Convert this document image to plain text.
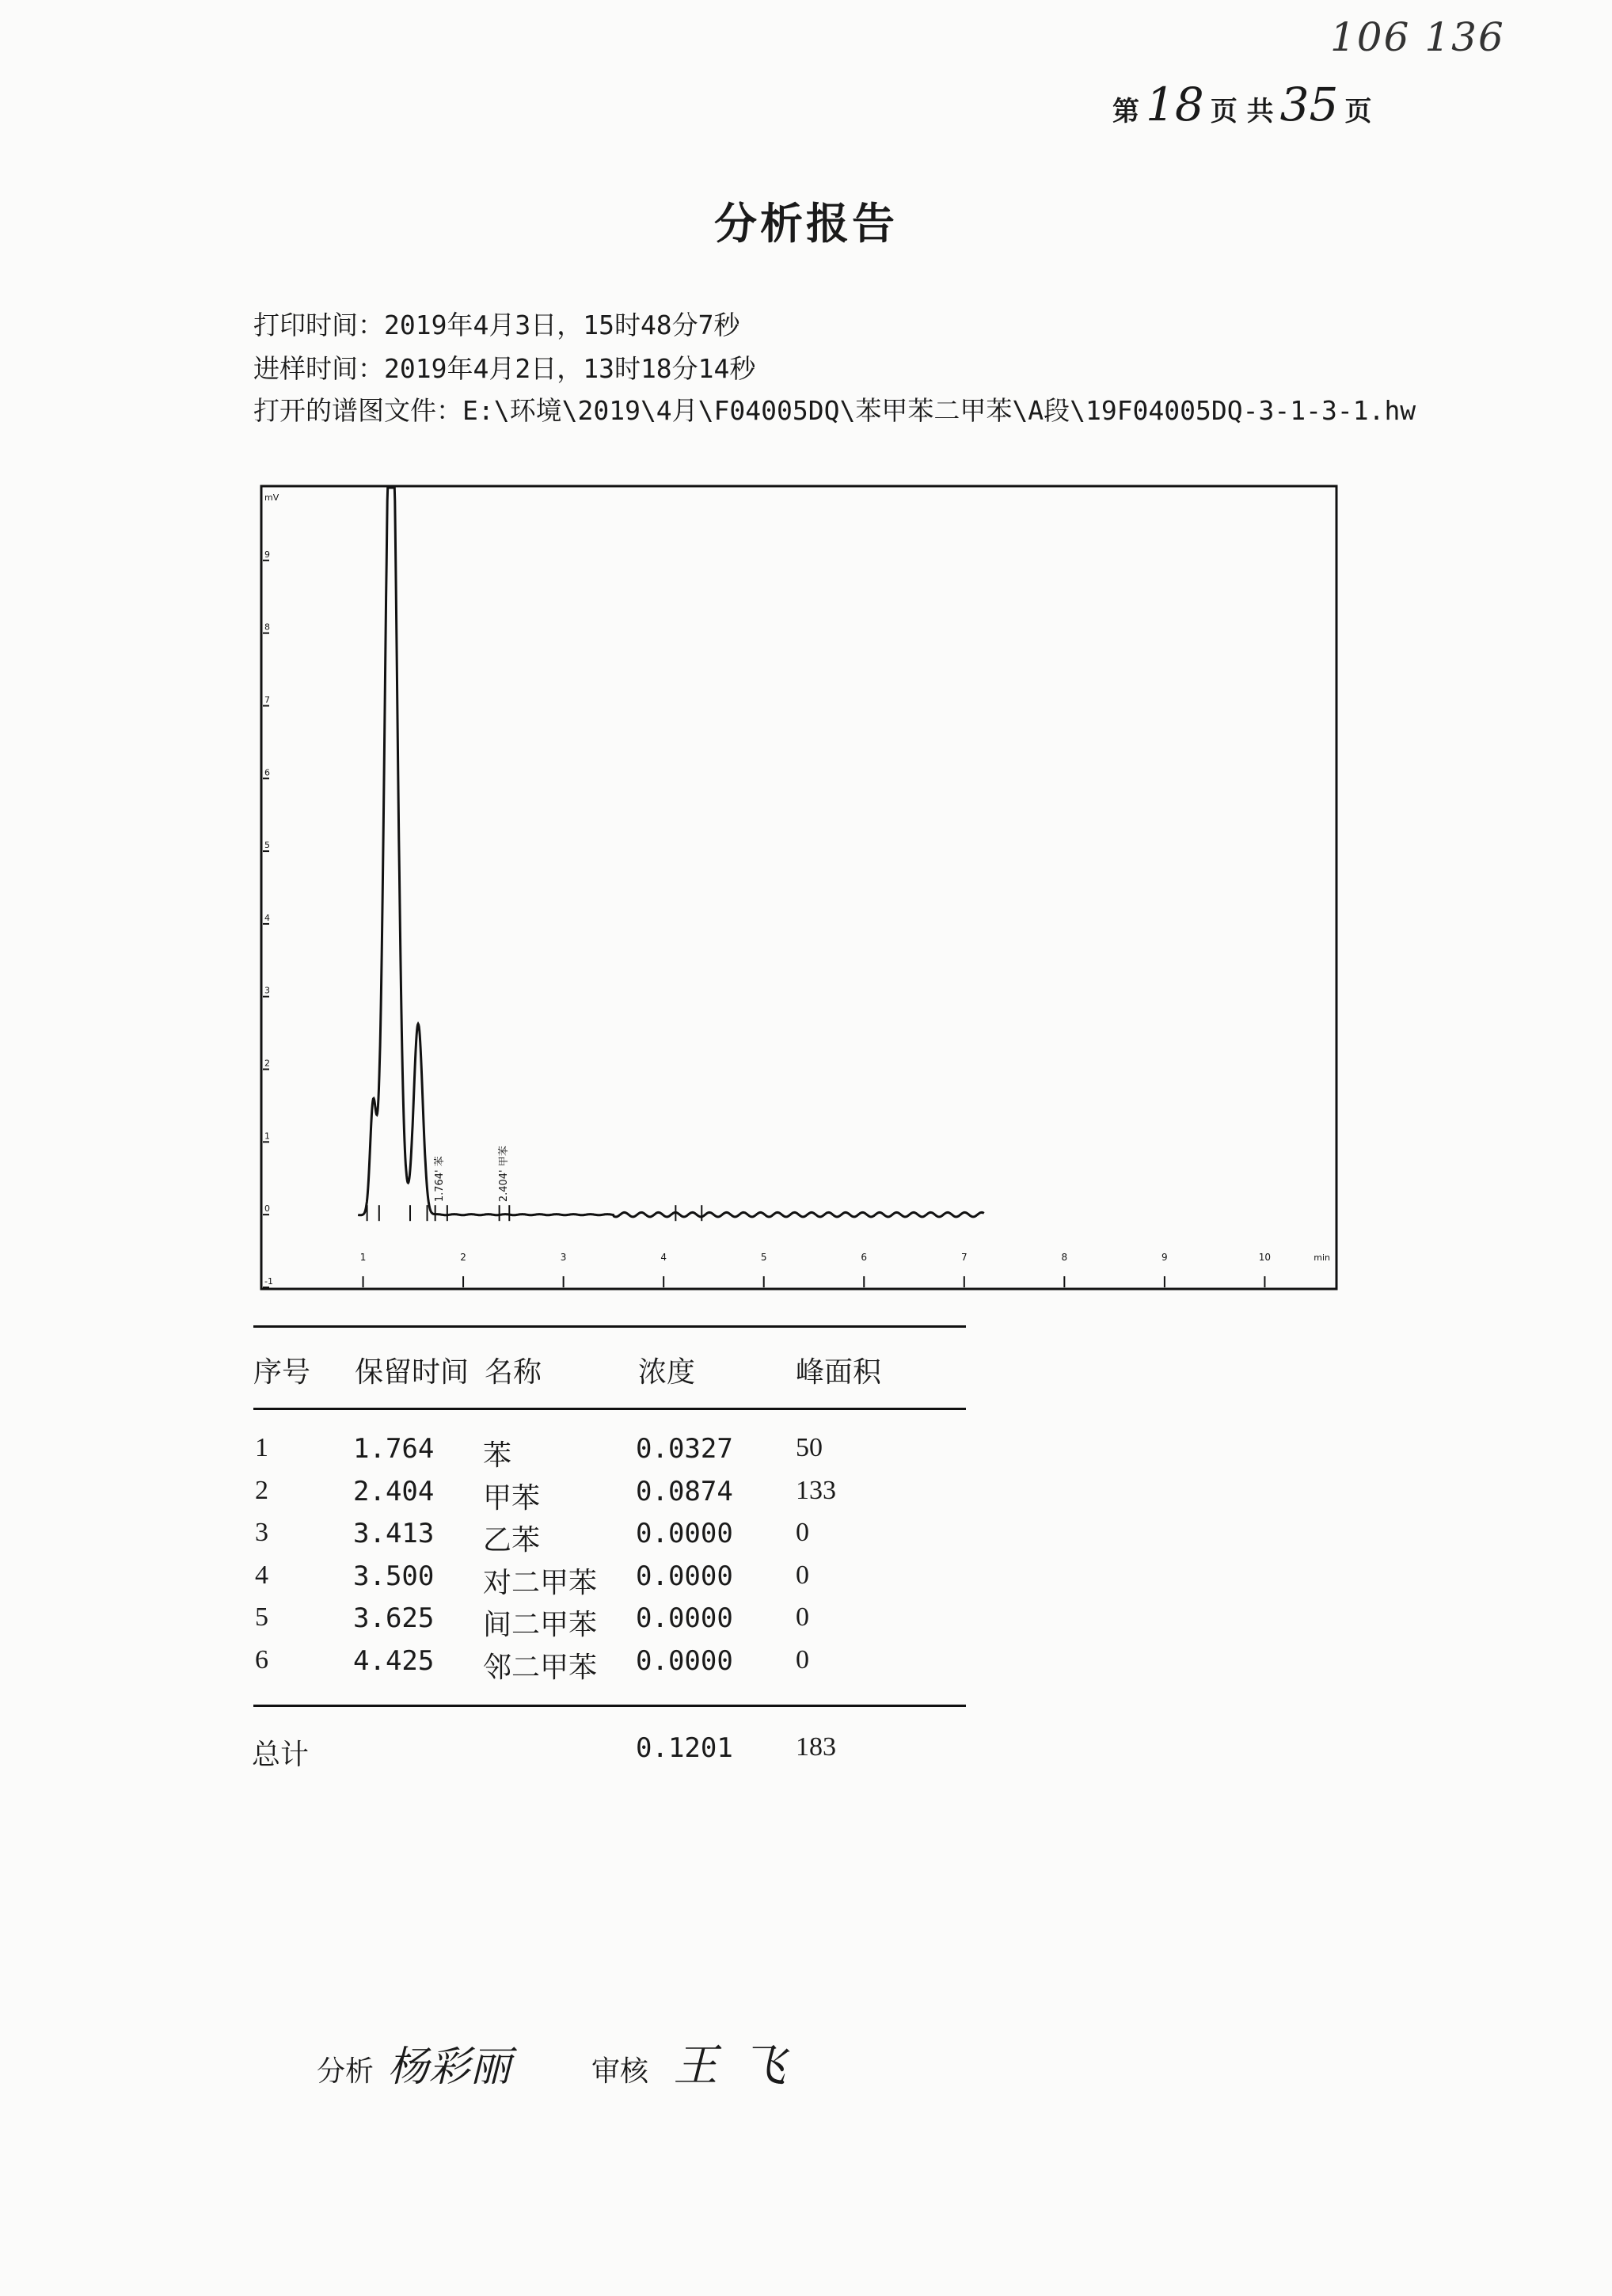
106 136
第 18 页 共 35 页
分析报告
打印时间：2019年4月3日，15时48分7秒
进样时间：2019年4月2日，13时18分14秒
打开的谱图文件：E:\环境\2019\4月\F04005DQ\苯甲苯二甲苯\A段\19F04005DQ-3-1-3-1.hw
-1
0
1
2
3
4
5
6
7
8
9
mV
1	2	3	4	5	6	7	8	9	10	min
1.764' 苯	2.404' 甲苯
序号 保留时间 名称	浓度	峰面积
1	1.764 苯	0.0327 50
2	2.404 甲苯	0.0874 133
3	3.413 乙苯	0.0000 0
4	3.500 对二甲苯 0.0000 0
5	3.625 间二甲苯 0.0000 0
6	4.425 邻二甲苯 0.0000 0
总计	0.1201 183
分析 杨彩丽	审核 王飞
